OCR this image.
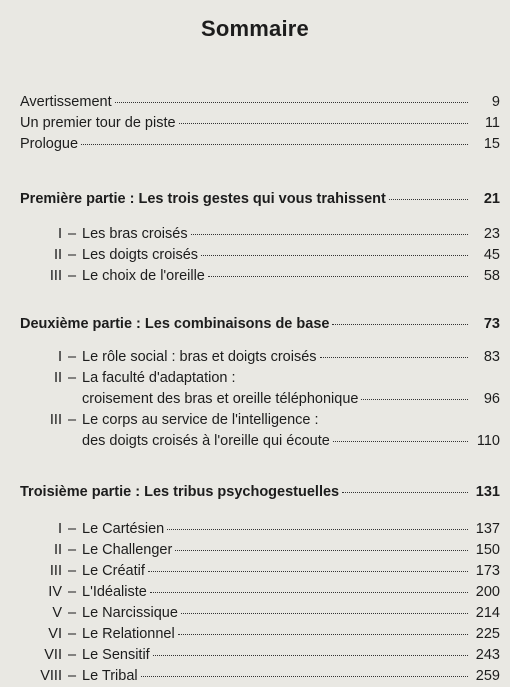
Sommaire
Avertissement	9
Un premier tour de piste	11
Prologue	15
Première partie : Les trois gestes qui vous trahissent	21
I – Les bras croisés	23
II – Les doigts croisés	45
III – Le choix de l'oreille	58
Deuxième partie : Les combinaisons de base	73
I – Le rôle social : bras et doigts croisés	83
II – La faculté d'adaptation :
croisement des bras et oreille téléphonique	96
III – Le corps au service de l'intelligence :
des doigts croisés à l'oreille qui écoute	110
Troisième partie : Les tribus psychogestuelles	131
I – Le Cartésien	137
II – Le Challenger	150
III – Le Créatif	173
IV – L'Idéaliste	200
V – Le Narcissique	214
VI – Le Relationnel	225
VII – Le Sensitif	243
VIII – Le Tribal	259
